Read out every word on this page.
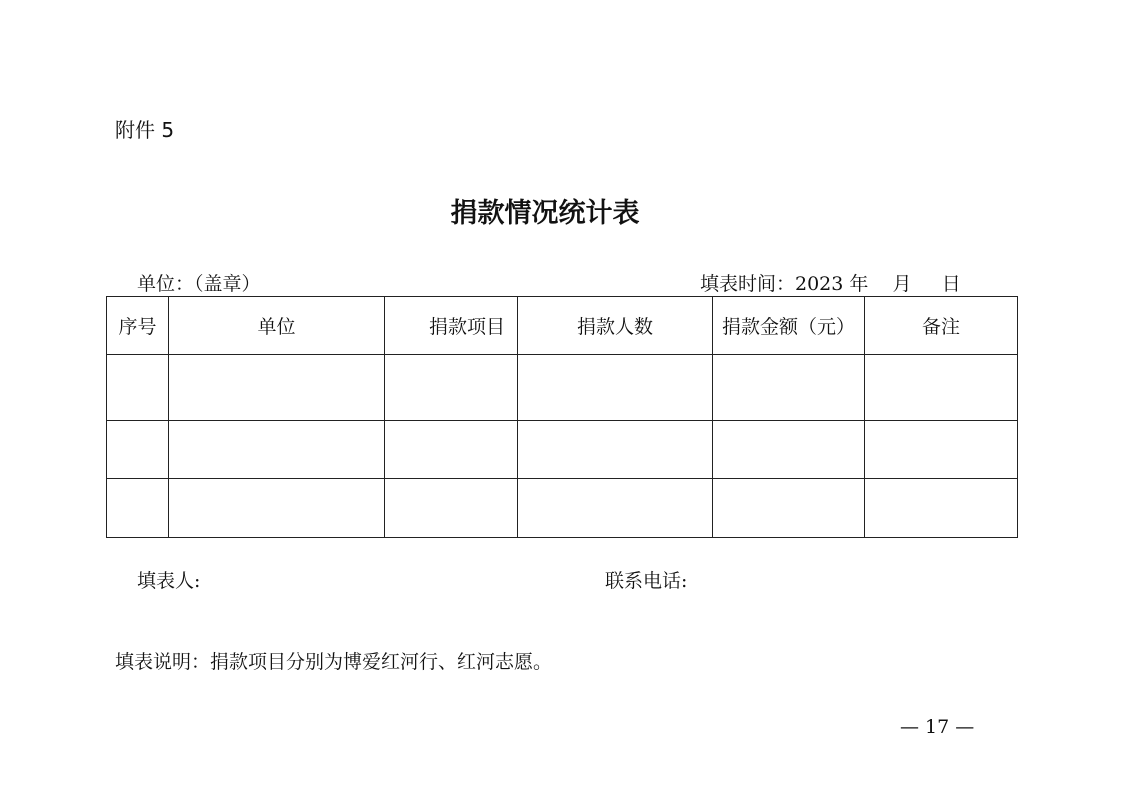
附件 5
捐款情况统计表
单位：（盖章）	填表时间：2023 年    月     日
序号	单位	捐款项目	捐款人数	捐款金额（元）	备注

填表人:	联系电话:
填表说明：捐款项目分别为博爱红河行、红河志愿。
— 17 —
